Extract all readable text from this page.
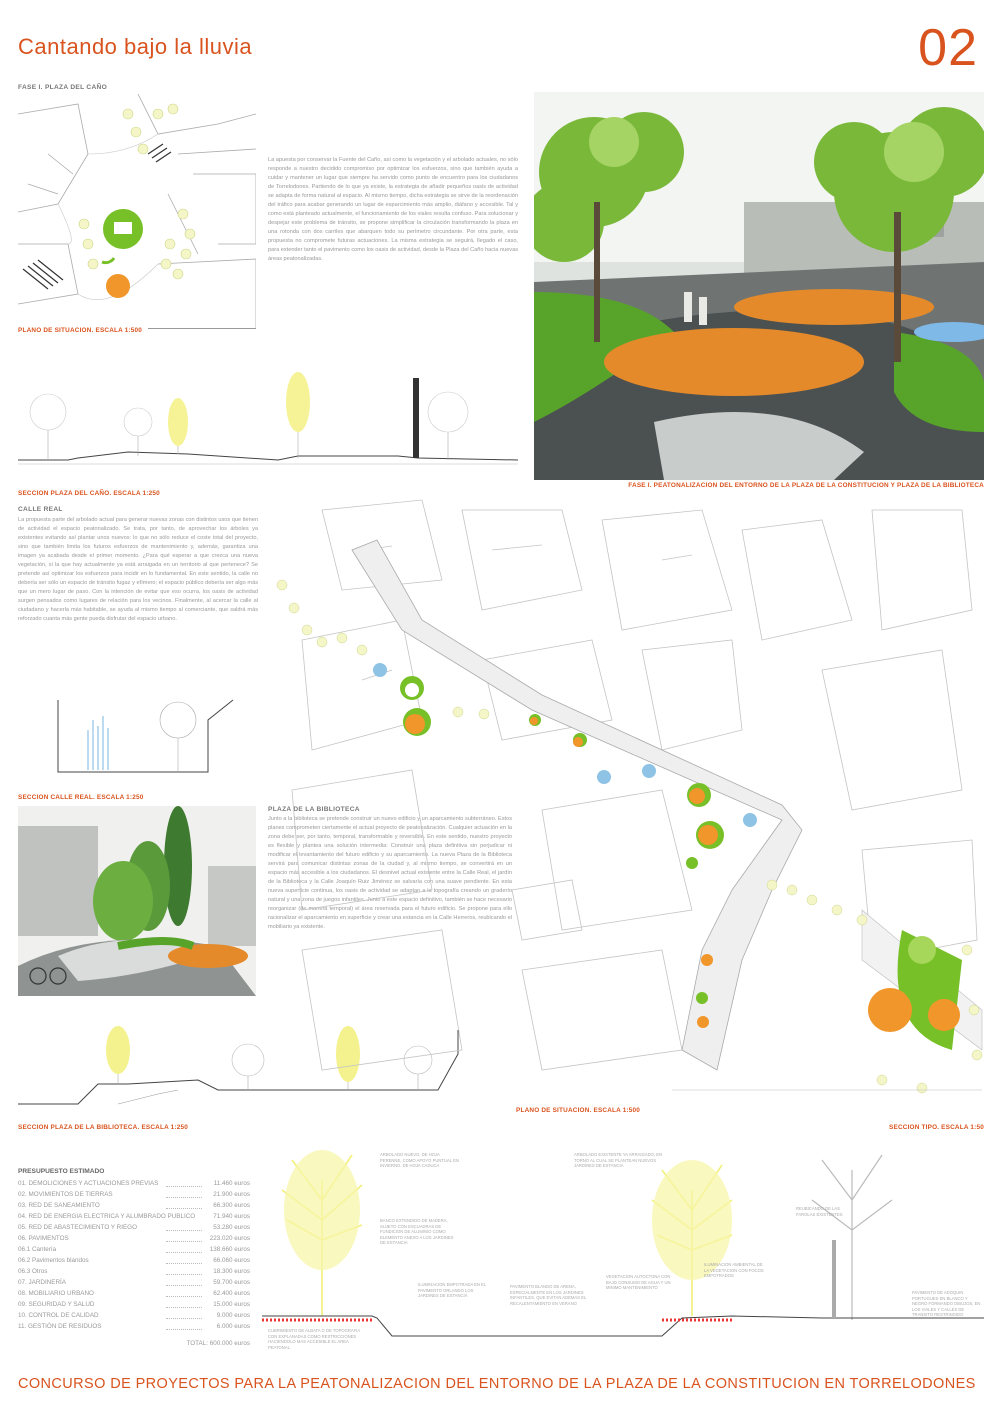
Cantando bajo la lluvia	02
FASE I. PLAZA DEL CAÑO
PLANO DE SITUACION. ESCALA 1:500
La apuesta por conservar la Fuente del Caño, así como la vegetación y el arbolado actuales, no sólo responde a nuestro decidido compromiso por optimizar los esfuerzos, sino que también ayuda a cuidar y mantener un lugar que siempre ha servido como punto de encuentro para los ciudadanos de Torrelodones. Partiendo de lo que ya existe, la estrategia de añadir pequeños oasis de actividad se adapta de forma natural al espacio. Al mismo tiempo, dicha estrategia se sirve de la reordenación del tráfico para acabar generando un lugar de esparcimiento más amplio, diáfano y accesible. Tal y como está planteado actualmente, el funcionamiento de los viales resulta confuso. Para solucionar y despejar este problema de tránsito, se propone simplificar la circulación transformando la plaza en una rotonda con dos carriles que abarquen todo su perímetro circundante. Por otra parte, esta propuesta no compromete futuras actuaciones. La misma estrategia se seguirá, llegado el caso, para extender tanto el pavimento como los oasis de actividad, desde la Plaza del Caño hacia nuevas áreas peatonalizadas.
FASE I. PEATONALIZACION DEL ENTORNO DE LA PLAZA DE LA CONSTITUCION Y PLAZA DE LA BIBLIOTECA
SECCION PLAZA DEL CAÑO. ESCALA 1:250
CALLE REAL
La propuesta parte del arbolado actual para generar nuevas zonas con distintos usos que tienen de actividad el espacio peatonalizado. Se trata, por tanto, de aprovechar los árboles ya existentes evitando así plantar unos nuevos: lo que no sólo reduce el coste total del proyecto, sino que también limita los futuros esfuerzos de mantenimiento y, además, garantiza una imagen ya acabada desde el primer momento. ¿Para qué esperar a que crezca una nueva vegetación, si la que hay actualmente ya está arraigada en un territorio al que pertenece? Se pretende así optimizar los esfuerzos para incidir en lo fundamental. En este sentido, la calle no debería ser sólo un espacio de tránsito fugaz y efímero; el espacio público debería ser algo más que un mero lugar de paso. Con la intención de evitar que eso ocurra, los oasis de actividad surgen pensados como lugares de relación para los vecinos. Finalmente, al acercar la calle al ciudadano y hacerla más habitable, se ayuda al mismo tiempo al comerciante, que saldrá más reforzado cuanta más gente pueda disfrutar del espacio urbano.
SECCION CALLE REAL. ESCALA 1:250
PLAZA DE LA BIBLIOTECA
Junto a la biblioteca se pretende construir un nuevo edificio y un aparcamiento subterráneo. Estos planes comprometen ciertamente el actual proyecto de peatonalización. Cualquier actuación en la zona debe ser, por tanto, temporal, transformable y reversible. En este sentido, nuestro proyecto es flexible y plantea una solución intermedia: Construir una plaza definitiva sin perjudicar ni modificar el levantamiento del futuro edificio y su aparcamiento. La nueva Plaza de la Biblioteca servirá para comunicar distintas zonas de la ciudad y, al mismo tiempo, se convertirá en un espacio más accesible a los ciudadanos. El desnivel actual existente entre la Calle Real, el jardín de la Biblioteca y la Calle Joaquín Ruiz Jiménez se salvaría con una suave pendiente. En esta nueva superficie continua, los oasis de actividad se adaptan a la topografía creando un graderío natural y una zona de juegos infantiles. Junto a este espacio definitivo, también se hace necesario reorganizar (de manera temporal) el área reservada para el futuro edificio. Se propone para ello racionalizar el aparcamiento en superficie y crear una estancia en la Calle Herreros, reubicando el mobiliario ya existente.
SECCION PLAZA DE LA BIBLIOTECA. ESCALA 1:250
PLANO DE SITUACION. ESCALA 1:500
SECCION TIPO. ESCALA 1:50
ARBOLADO NUEVO, DE HOJA PERENNE, COMO APOYO PUNTUAL EN INVIERNO. DE HOJA CADUCA
BANCO EXTENDIDO DE MADERA, SUJETO CON ESCUADRAS DE FUNDICION DE ALUMINIO COMO ELEMENTO ANEXO A LOS JARDINES DE ESTANCIA
ILUMINACION EMPOTRADA EN EL PAVIMENTO ORLANDO LOS JARDINES DE ESTANCIA
PAVIMENTO BLANDO DE ARENA, ESPECIALMENTE EN LOS JARDINES INFANTILES, QUE EVITAN ADEMAS EL RECALENTAMIENTO EN VERANO
VEGETACION AUTOCTONA CON BAJO CONSUMO DE AGUA Y UN MINIMO MANTENIMIENTO
ILUMINACION AMBIENTAL DE LA VEGETACION CON FOCOS EMPOTRADOS
ARBOLADO EXISTENTE YA ARRAIGADO, EN TORNO AL CUAL SE PLANTEAN NUEVOS JARDINES DE ESTANCIA
REUBICANDO DE LAS FAROLAS EXISTENTES
PAVIMENTO DE ADOQUIN PORTUGUES EN BLANCO Y NEGRO FORMANDO DIBUJOS, EN LOS VIALES Y CALLES DE TRANSITO RESTRINGIDO
CUBRIMIENTO DE ALBATA O DE TOPOGRAFIA CON EXPLANADAS COMO RESTRICCIONES HACIENDOLO MAS ACCESIBLE EL AREA PEATONAL
PRESUPUESTO ESTIMADO
01. DEMOLICIONES Y ACTUACIONES PREVIAS	11.460 euros
02. MOVIMIENTOS DE TIERRAS	21.900 euros
03. RED DE SANEAMIENTO	66.300 euros
04. RED DE ENERGIA ELECTRICA Y ALUMBRADO PUBLICO	71.940 euros
05. RED DE ABASTECIMIENTO Y RIEGO	53.280 euros
06. PAVIMENTOS	223.020 euros
06.1 Cantería	138.660 euros
06.2 Pavimentos blandos	66.060 euros
06.3 Otros	18.300 euros
07. JARDINERÍA	59.700 euros
08. MOBILIARIO URBANO	62.400 euros
09. SEGURIDAD Y SALUD	15.000 euros
10. CONTROL DE CALIDAD	9.000 euros
11. GESTIÓN DE RESIDUOS	6.000 euros
TOTAL: 600.000 euros
CONCURSO DE PROYECTOS PARA LA PEATONALIZACION DEL ENTORNO DE LA PLAZA DE LA CONSTITUCION EN TORRELODONES
